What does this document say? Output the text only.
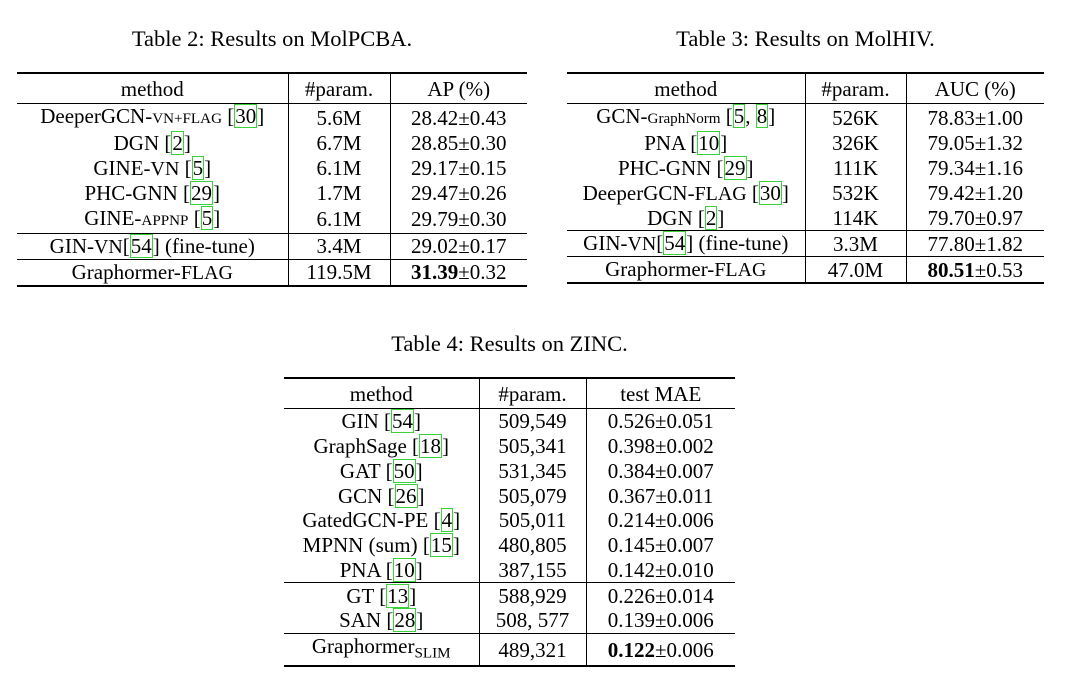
Table 2: Results on MolPCBA.
method	#param.	AP (%)
DeeperGCN-VN+FLAG [30]	5.6M	28.42±0.43
DGN [2]	6.7M	28.85±0.30
GINE-VN [5]	6.1M	29.17±0.15
PHC-GNN [29]	1.7M	29.47±0.26
GINE-APPNP [5]	6.1M	29.79±0.30
GIN-VN[54] (fine-tune)	3.4M	29.02±0.17
Graphormer-FLAG	119.5M	31.39±0.32
Table 3: Results on MolHIV.
method	#param.	AUC (%)
GCN-GraphNorm [5, 8]	526K	78.83±1.00
PNA [10]	326K	79.05±1.32
PHC-GNN [29]	111K	79.34±1.16
DeeperGCN-FLAG [30]	532K	79.42±1.20
DGN [2]	114K	79.70±0.97
GIN-VN[54] (fine-tune)	3.3M	77.80±1.82
Graphormer-FLAG	47.0M	80.51±0.53
Table 4: Results on ZINC.
method	#param.	test MAE
GIN [54]	509,549	0.526±0.051
GraphSage [18]	505,341	0.398±0.002
GAT [50]	531,345	0.384±0.007
GCN [26]	505,079	0.367±0.011
GatedGCN-PE [4]	505,011	0.214±0.006
MPNN (sum) [15]	480,805	0.145±0.007
PNA [10]	387,155	0.142±0.010
GT [13]	588,929	0.226±0.014
SAN [28]	508, 577	0.139±0.006
Graphormer$_{SLIM}$	489,321	0.122±0.006
